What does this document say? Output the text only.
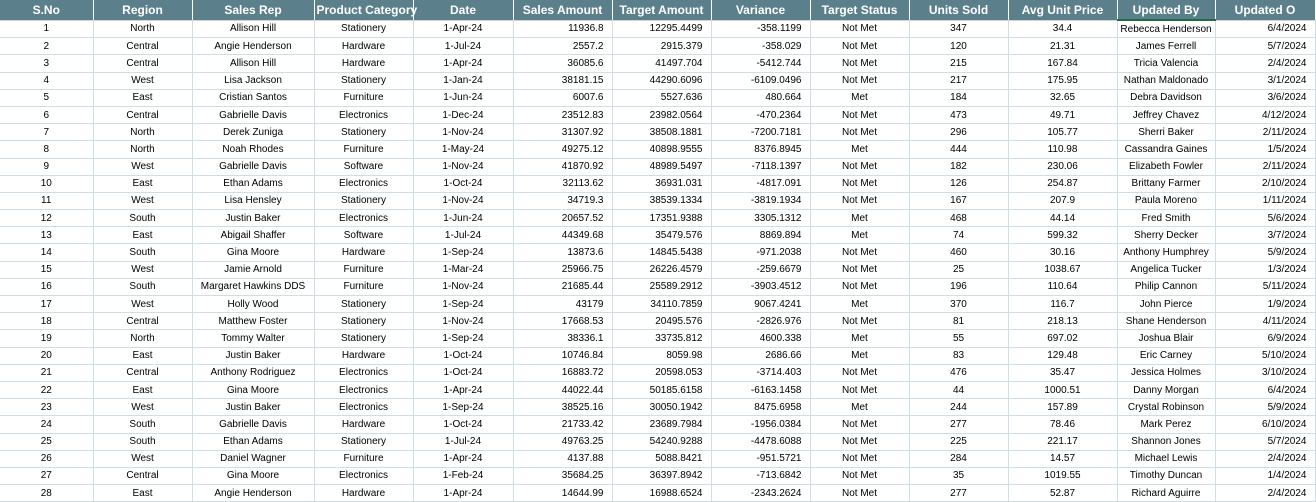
S.No	Region	Sales Rep	Product Category	Date	Sales Amount	Target Amount	Variance	Target Status	Units Sold	Avg Unit Price	Updated By	Updated O
1	North	Allison Hill	Stationery	1-Apr-24	11936.8	12295.4499	-358.1199	Not Met	347	34.4	Rebecca Henderson	6/4/2024
2	Central	Angie Henderson	Hardware	1-Jul-24	2557.2	2915.379	-358.029	Not Met	120	21.31	James Ferrell	5/7/2024
3	Central	Allison Hill	Hardware	1-Apr-24	36085.6	41497.704	-5412.744	Not Met	215	167.84	Tricia Valencia	2/4/2024
4	West	Lisa Jackson	Stationery	1-Jan-24	38181.15	44290.6096	-6109.0496	Not Met	217	175.95	Nathan Maldonado	3/1/2024
5	East	Cristian Santos	Furniture	1-Jun-24	6007.6	5527.636	480.664	Met	184	32.65	Debra Davidson	3/6/2024
6	Central	Gabrielle Davis	Electronics	1-Dec-24	23512.83	23982.0564	-470.2364	Not Met	473	49.71	Jeffrey Chavez	4/12/2024
7	North	Derek Zuniga	Stationery	1-Nov-24	31307.92	38508.1881	-7200.7181	Not Met	296	105.77	Sherri Baker	2/11/2024
8	North	Noah Rhodes	Furniture	1-May-24	49275.12	40898.9555	8376.8945	Met	444	110.98	Cassandra Gaines	1/5/2024
9	West	Gabrielle Davis	Software	1-Nov-24	41870.92	48989.5497	-7118.1397	Not Met	182	230.06	Elizabeth Fowler	2/11/2024
10	East	Ethan Adams	Electronics	1-Oct-24	32113.62	36931.031	-4817.091	Not Met	126	254.87	Brittany Farmer	2/10/2024
11	West	Lisa Hensley	Stationery	1-Nov-24	34719.3	38539.1334	-3819.1934	Not Met	167	207.9	Paula Moreno	1/11/2024
12	South	Justin Baker	Electronics	1-Jun-24	20657.52	17351.9388	3305.1312	Met	468	44.14	Fred Smith	5/6/2024
13	East	Abigail Shaffer	Software	1-Jul-24	44349.68	35479.576	8869.894	Met	74	599.32	Sherry Decker	3/7/2024
14	South	Gina Moore	Hardware	1-Sep-24	13873.6	14845.5438	-971.2038	Not Met	460	30.16	Anthony Humphrey	5/9/2024
15	West	Jamie Arnold	Furniture	1-Mar-24	25966.75	26226.4579	-259.6679	Not Met	25	1038.67	Angelica Tucker	1/3/2024
16	South	Margaret Hawkins DDS	Furniture	1-Nov-24	21685.44	25589.2912	-3903.4512	Not Met	196	110.64	Philip Cannon	5/11/2024
17	West	Holly Wood	Stationery	1-Sep-24	43179	34110.7859	9067.4241	Met	370	116.7	John Pierce	1/9/2024
18	Central	Matthew Foster	Stationery	1-Nov-24	17668.53	20495.576	-2826.976	Not Met	81	218.13	Shane Henderson	4/11/2024
19	North	Tommy Walter	Stationery	1-Sep-24	38336.1	33735.812	4600.338	Met	55	697.02	Joshua Blair	6/9/2024
20	East	Justin Baker	Hardware	1-Oct-24	10746.84	8059.98	2686.66	Met	83	129.48	Eric Carney	5/10/2024
21	Central	Anthony Rodriguez	Electronics	1-Oct-24	16883.72	20598.053	-3714.403	Not Met	476	35.47	Jessica Holmes	3/10/2024
22	East	Gina Moore	Electronics	1-Apr-24	44022.44	50185.6158	-6163.1458	Not Met	44	1000.51	Danny Morgan	6/4/2024
23	West	Justin Baker	Electronics	1-Sep-24	38525.16	30050.1942	8475.6958	Met	244	157.89	Crystal Robinson	5/9/2024
24	South	Gabrielle Davis	Hardware	1-Oct-24	21733.42	23689.7984	-1956.0384	Not Met	277	78.46	Mark Perez	6/10/2024
25	South	Ethan Adams	Stationery	1-Jul-24	49763.25	54240.9288	-4478.6088	Not Met	225	221.17	Shannon Jones	5/7/2024
26	West	Daniel Wagner	Furniture	1-Apr-24	4137.88	5088.8421	-951.5721	Not Met	284	14.57	Michael Lewis	2/4/2024
27	Central	Gina Moore	Electronics	1-Feb-24	35684.25	36397.8942	-713.6842	Not Met	35	1019.55	Timothy Duncan	1/4/2024
28	East	Angie Henderson	Hardware	1-Apr-24	14644.99	16988.6524	-2343.2624	Not Met	277	52.87	Richard Aguirre	2/4/2024
